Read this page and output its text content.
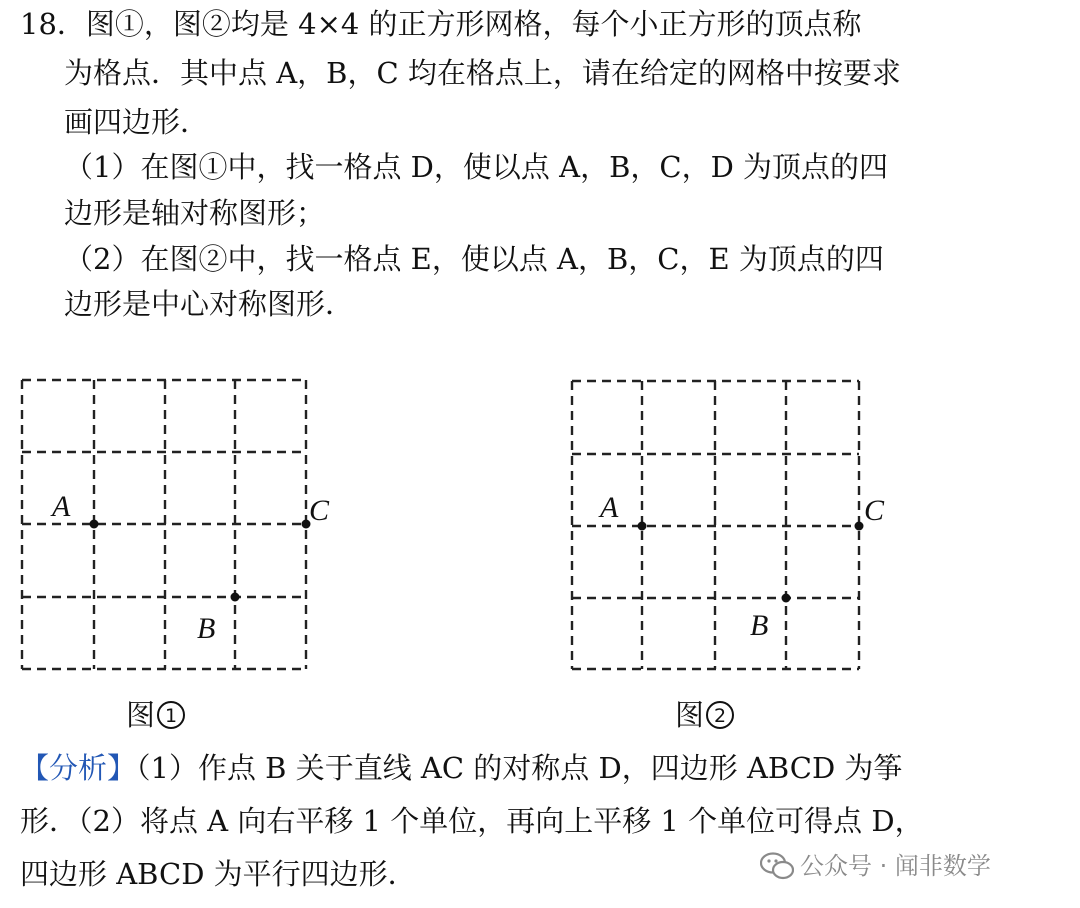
18．图①，图②均是 4×4 的正方形网格，每个小正方形的顶点称
为格点．其中点 A，B，C 均在格点上，请在给定的网格中按要求
画四边形．
（1）在图①中，找一格点 D，使以点 A，B，C，D 为顶点的四
边形是轴对称图形；
（2）在图②中，找一格点 E，使以点 A，B，C，E 为顶点的四
边形是中心对称图形．
A
B
C
图 1
A
B
C
图 2
【分析】（1）作点 B 关于直线 AC 的对称点 D，四边形 ABCD 为筝
形．（2）将点 A 向右平移 1 个单位，再向上平移 1 个单位可得点 D，
四边形 ABCD 为平行四边形．	公众号 · 闻非数学
